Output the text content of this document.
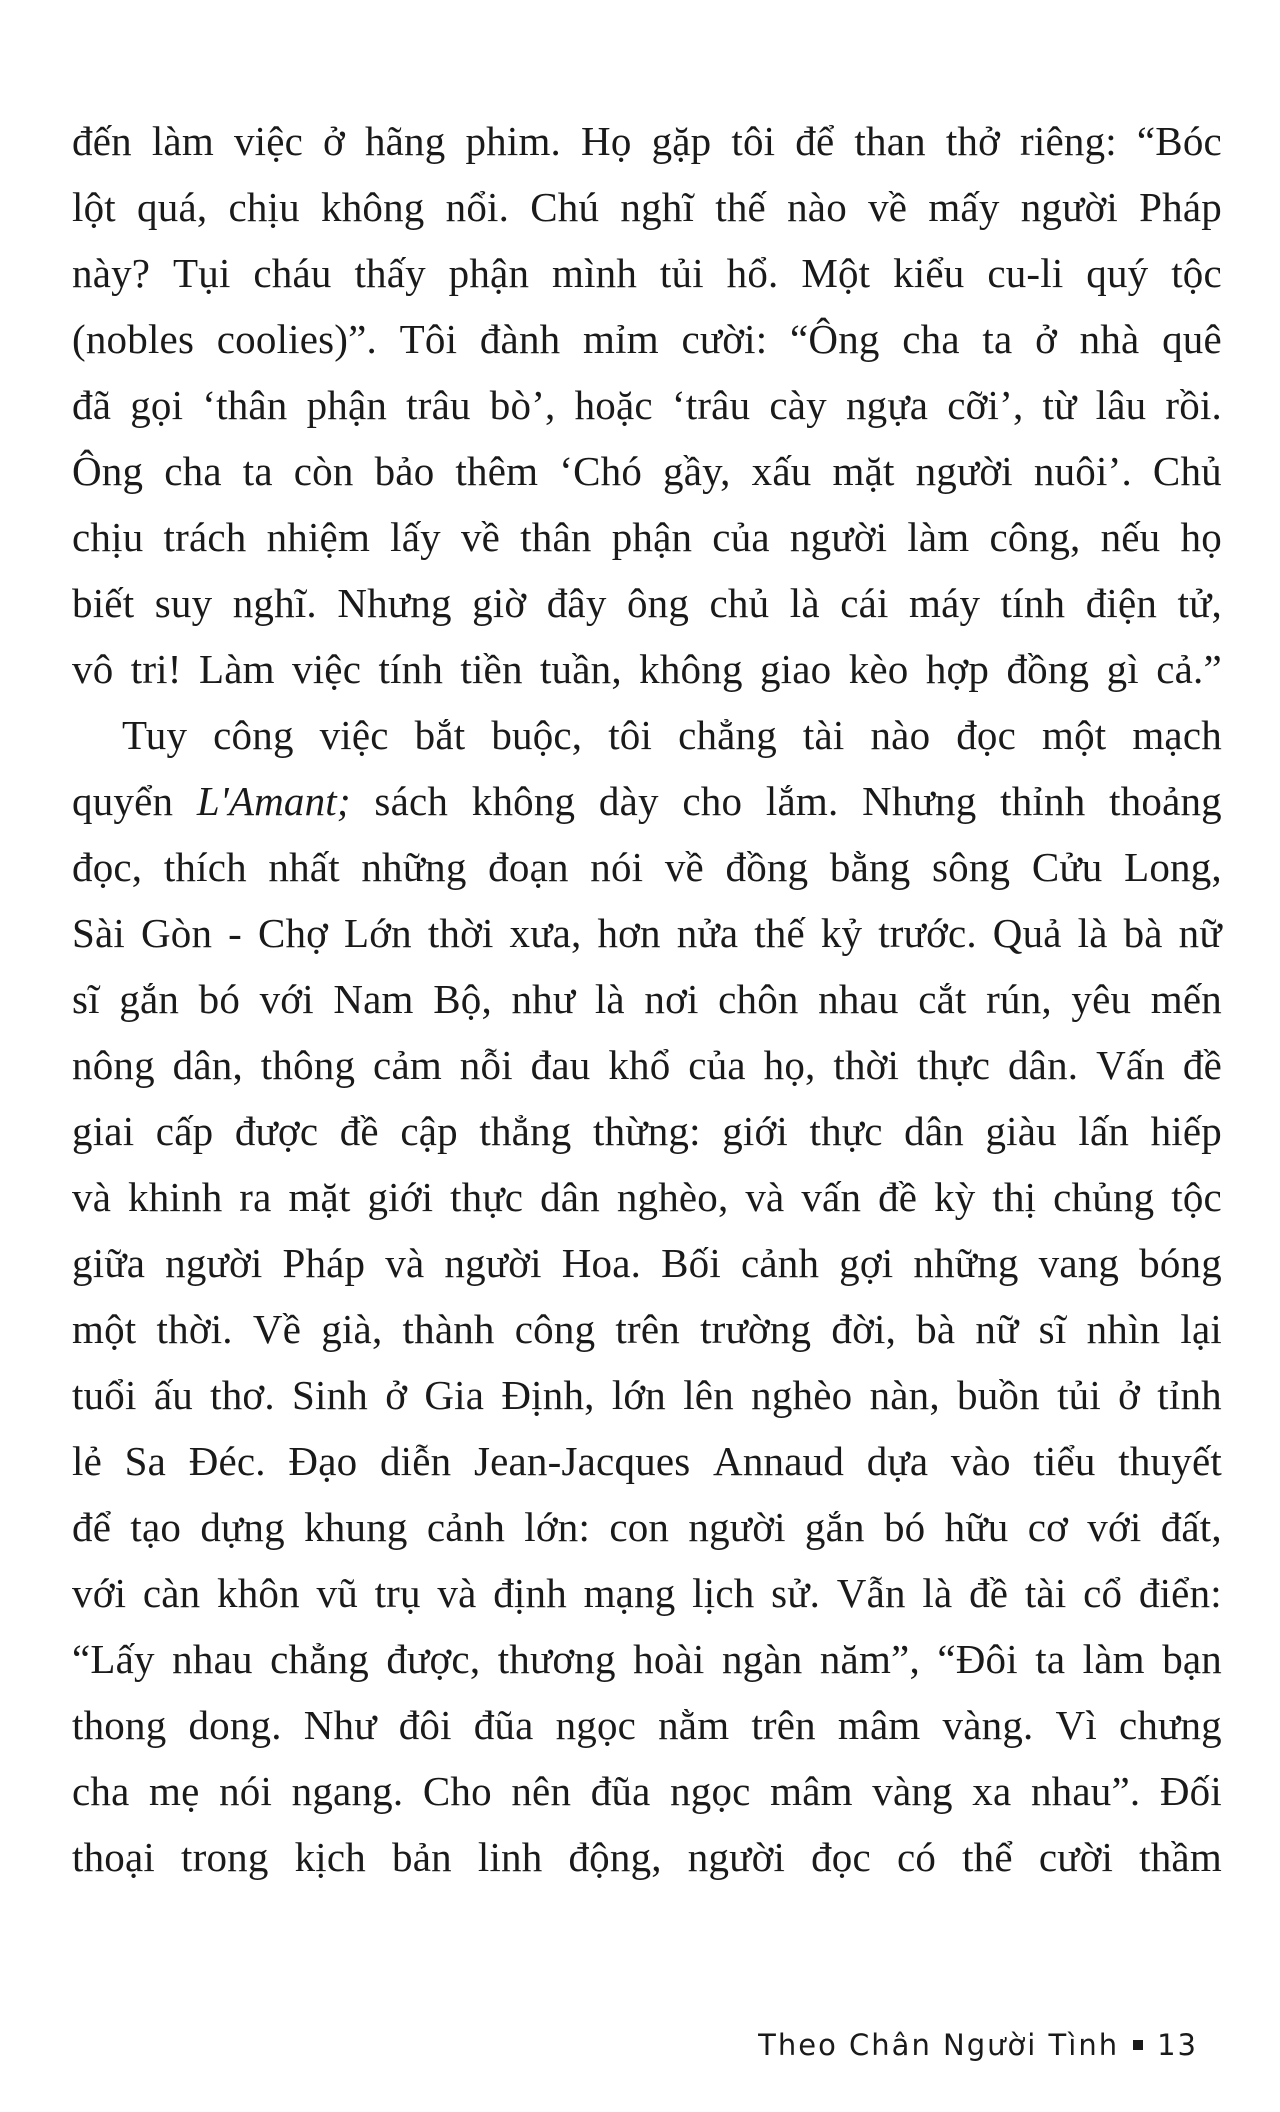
đến làm việc ở hãng phim. Họ gặp tôi để than thở riêng: “Bóc
lột quá, chịu không nổi. Chú nghĩ thế nào về mấy người Pháp
này? Tụi cháu thấy phận mình tủi hổ. Một kiểu cu-li quý tộc
(nobles coolies)”. Tôi đành mỉm cười: “Ông cha ta ở nhà quê
đã gọi ‘thân phận trâu bò’, hoặc ‘trâu cày ngựa cỡi’, từ lâu rồi.
Ông cha ta còn bảo thêm ‘Chó gầy, xấu mặt người nuôi’. Chủ
chịu trách nhiệm lấy về thân phận của người làm công, nếu họ
biết suy nghĩ. Nhưng giờ đây ông chủ là cái máy tính điện tử,
vô tri! Làm việc tính tiền tuần, không giao kèo hợp đồng gì cả.”
Tuy công việc bắt buộc, tôi chẳng tài nào đọc một mạch
quyển L'Amant; sách không dày cho lắm. Nhưng thỉnh thoảng
đọc, thích nhất những đoạn nói về đồng bằng sông Cửu Long,
Sài Gòn - Chợ Lớn thời xưa, hơn nửa thế kỷ trước. Quả là bà nữ
sĩ gắn bó với Nam Bộ, như là nơi chôn nhau cắt rún, yêu mến
nông dân, thông cảm nỗi đau khổ của họ, thời thực dân. Vấn đề
giai cấp được đề cập thẳng thừng: giới thực dân giàu lấn hiếp
và khinh ra mặt giới thực dân nghèo, và vấn đề kỳ thị chủng tộc
giữa người Pháp và người Hoa. Bối cảnh gợi những vang bóng
một thời. Về già, thành công trên trường đời, bà nữ sĩ nhìn lại
tuổi ấu thơ. Sinh ở Gia Định, lớn lên nghèo nàn, buồn tủi ở tỉnh
lẻ Sa Đéc. Đạo diễn Jean-Jacques Annaud dựa vào tiểu thuyết
để tạo dựng khung cảnh lớn: con người gắn bó hữu cơ với đất,
với càn khôn vũ trụ và định mạng lịch sử. Vẫn là đề tài cổ điển:
“Lấy nhau chẳng được, thương hoài ngàn năm”, “Đôi ta làm bạn
thong dong. Như đôi đũa ngọc nằm trên mâm vàng. Vì chưng
cha mẹ nói ngang. Cho nên đũa ngọc mâm vàng xa nhau”. Đối
thoại trong kịch bản linh động, người đọc có thể cười thầm
Theo Chân Người Tình 13
